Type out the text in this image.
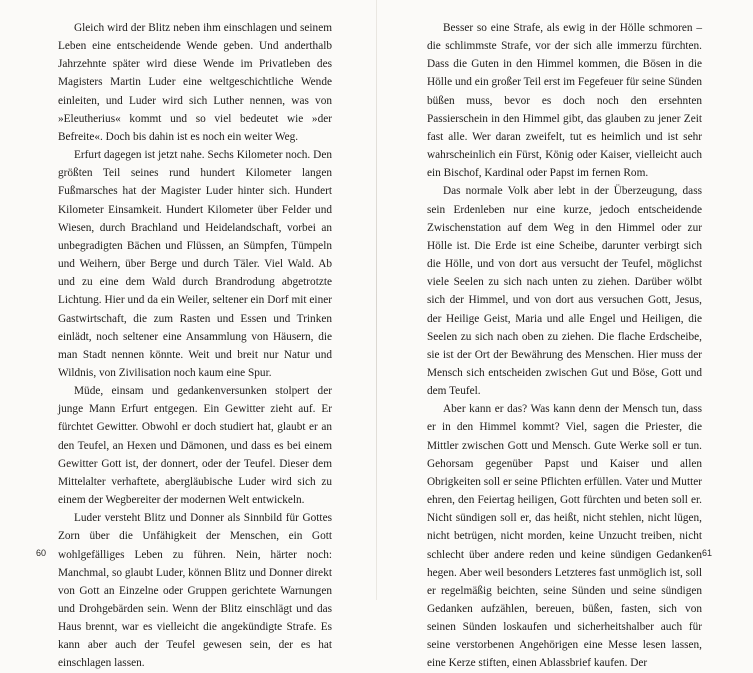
Gleich wird der Blitz neben ihm einschlagen und seinem Leben eine entscheidende Wende geben. Und anderthalb Jahrzehnte später wird diese Wende im Privatleben des Magisters Martin Luder eine weltgeschichtliche Wende einleiten, und Luder wird sich Luther nennen, was von »Eleutherius« kommt und so viel bedeutet wie »der Befreite«. Doch bis dahin ist es noch ein weiter Weg.

Erfurt dagegen ist jetzt nahe. Sechs Kilometer noch. Den größten Teil seines rund hundert Kilometer langen Fußmarsches hat der Magister Luder hinter sich. Hundert Kilometer Einsamkeit. Hundert Kilometer über Felder und Wiesen, durch Brachland und Heidelandschaft, vorbei an unbegradigten Bächen und Flüssen, an Sümpfen, Tümpeln und Weihern, über Berge und durch Täler. Viel Wald. Ab und zu eine dem Wald durch Brandrodung abgetrotzte Lichtung. Hier und da ein Weiler, seltener ein Dorf mit einer Gastwirtschaft, die zum Rasten und Essen und Trinken einlädt, noch seltener eine Ansammlung von Häusern, die man Stadt nennen könnte. Weit und breit nur Natur und Wildnis, von Zivilisation noch kaum eine Spur.

Müde, einsam und gedankenversunken stolpert der junge Mann Erfurt entgegen. Ein Gewitter zieht auf. Er fürchtet Gewitter. Obwohl er doch studiert hat, glaubt er an den Teufel, an Hexen und Dämonen, und dass es bei einem Gewitter Gott ist, der donnert, oder der Teufel. Dieser dem Mittelalter verhaftete, abergläubische Luder wird sich zu einem der Wegbereiter der modernen Welt entwickeln.

Luder versteht Blitz und Donner als Sinnbild für Gottes Zorn über die Unfähigkeit der Menschen, ein Gott wohlgefälliges Leben zu führen. Nein, härter noch: Manchmal, so glaubt Luder, können Blitz und Donner direkt von Gott an Einzelne oder Gruppen gerichtete Warnungen und Drohgebärden sein. Wenn der Blitz einschlägt und das Haus brennt, war es vielleicht die angekündigte Strafe. Es kann aber auch der Teufel gewesen sein, der es hat einschlagen lassen.

60

Besser so eine Strafe, als ewig in der Hölle schmoren – die schlimmste Strafe, vor der sich alle immerzu fürchten. Dass die Guten in den Himmel kommen, die Bösen in die Hölle und ein großer Teil erst im Fegefeuer für seine Sünden büßen muss, bevor es doch noch den ersehnten Passierschein in den Himmel gibt, das glauben zu jener Zeit fast alle. Wer daran zweifelt, tut es heimlich und ist sehr wahrscheinlich ein Fürst, König oder Kaiser, vielleicht auch ein Bischof, Kardinal oder Papst im fernen Rom.

Das normale Volk aber lebt in der Überzeugung, dass sein Erdenleben nur eine kurze, jedoch entscheidende Zwischenstation auf dem Weg in den Himmel oder zur Hölle ist. Die Erde ist eine Scheibe, darunter verbirgt sich die Hölle, und von dort aus versucht der Teufel, möglichst viele Seelen zu sich nach unten zu ziehen. Darüber wölbt sich der Himmel, und von dort aus versuchen Gott, Jesus, der Heilige Geist, Maria und alle Engel und Heiligen, die Seelen zu sich nach oben zu ziehen. Die flache Erdscheibe, sie ist der Ort der Bewährung des Menschen. Hier muss der Mensch sich entscheiden zwischen Gut und Böse, Gott und dem Teufel.

Aber kann er das? Was kann denn der Mensch tun, dass er in den Himmel kommt? Viel, sagen die Priester, die Mittler zwischen Gott und Mensch. Gute Werke soll er tun. Gehorsam gegenüber Papst und Kaiser und allen Obrigkeiten soll er seine Pflichten erfüllen. Vater und Mutter ehren, den Feiertag heiligen, Gott fürchten und beten soll er. Nicht sündigen soll er, das heißt, nicht stehlen, nicht lügen, nicht betrügen, nicht morden, keine Unzucht treiben, nicht schlecht über andere reden und keine sündigen Gedanken hegen. Aber weil besonders Letzteres fast unmöglich ist, soll er regelmäßig beichten, seine Sünden und seine sündigen Gedanken aufzählen, bereuen, büßen, fasten, sich von seinen Sünden loskaufen und sicherheitshalber auch für seine verstorbenen Angehörigen eine Messe lesen lassen, eine Kerze stiften, einen Ablassbrief kaufen. Der

61
